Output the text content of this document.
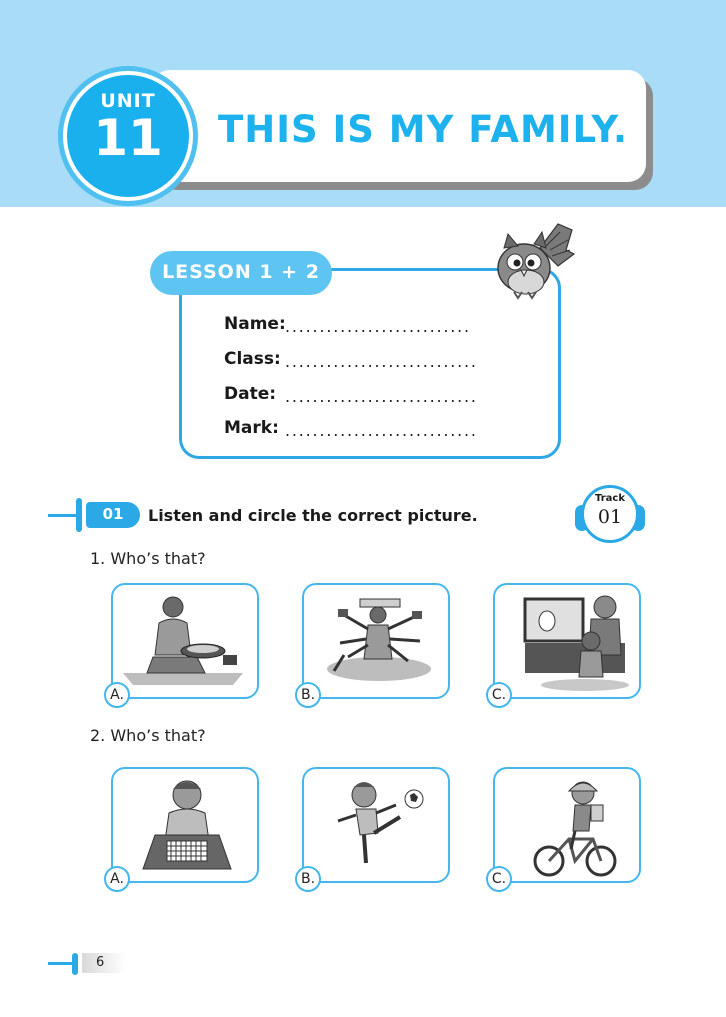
THIS IS MY FAMILY.
UNIT
11
LESSON 1 + 2
Name: ...........................
Class: ............................
Date: ............................
Mark: ............................
01	Listen and circle the correct picture.
Track
01
1. Who’s that?
A.	B.	C.
2. Who’s that?
A.	B.	C.
6
